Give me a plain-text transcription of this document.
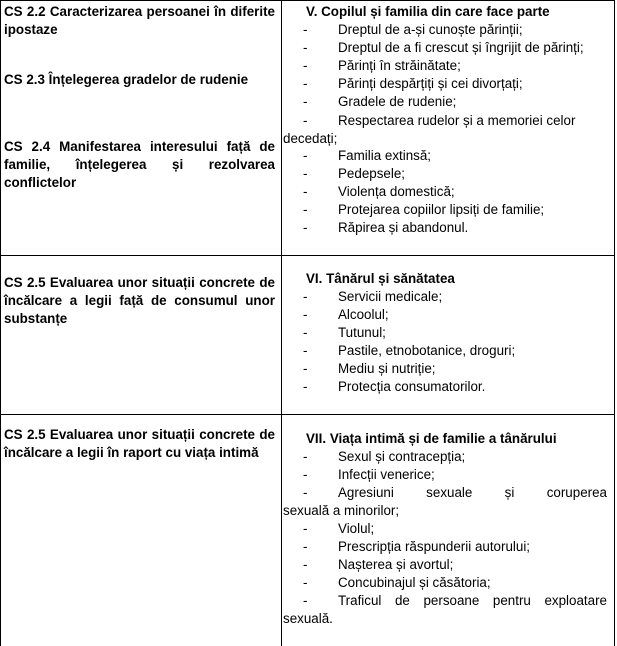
CS 2.2 Caracterizarea persoanei în diferite ipostaze
CS 2.3 Înțelegerea gradelor de rudenie
CS 2.4 Manifestarea interesului față de familie, înțelegerea și rezolvarea conflictelor
CS 2.5 Evaluarea unor situații concrete de încălcare a legii față de consumul unor substanțe
CS 2.5 Evaluarea unor situații concrete de încălcare a legii în raport cu viața intimă
V. Copilul și familia din care face parte
- Dreptul de a-și cunoște părinții;
- Dreptul de a fi crescut și îngrijit de părinți;
- Părinți în străinătate;
- Părinți despărțiți și cei divorțați;
- Gradele de rudenie;
- Respectarea rudelor și a memoriei celor
decedați;
- Familia extinsă;
- Pedepsele;
- Violența domestică;
- Protejarea copiilor lipsiți de familie;
- Răpirea și abandonul.
VI. Tânărul și sănătatea
- Servicii medicale;
- Alcoolul;
- Tutunul;
- Pastile, etnobotanice, droguri;
- Mediu și nutriție;
- Protecția consumatorilor.
VII. Viața intimă și de familie a tânărului
- Sexul și contracepția;
- Infecții venerice;
- Agresiuni sexuale și coruperea
sexuală a minorilor;
- Violul;
- Prescripția răspunderii autorului;
- Nașterea și avortul;
- Concubinajul și căsătoria;
- Traficul de persoane pentru exploatare
sexuală.
